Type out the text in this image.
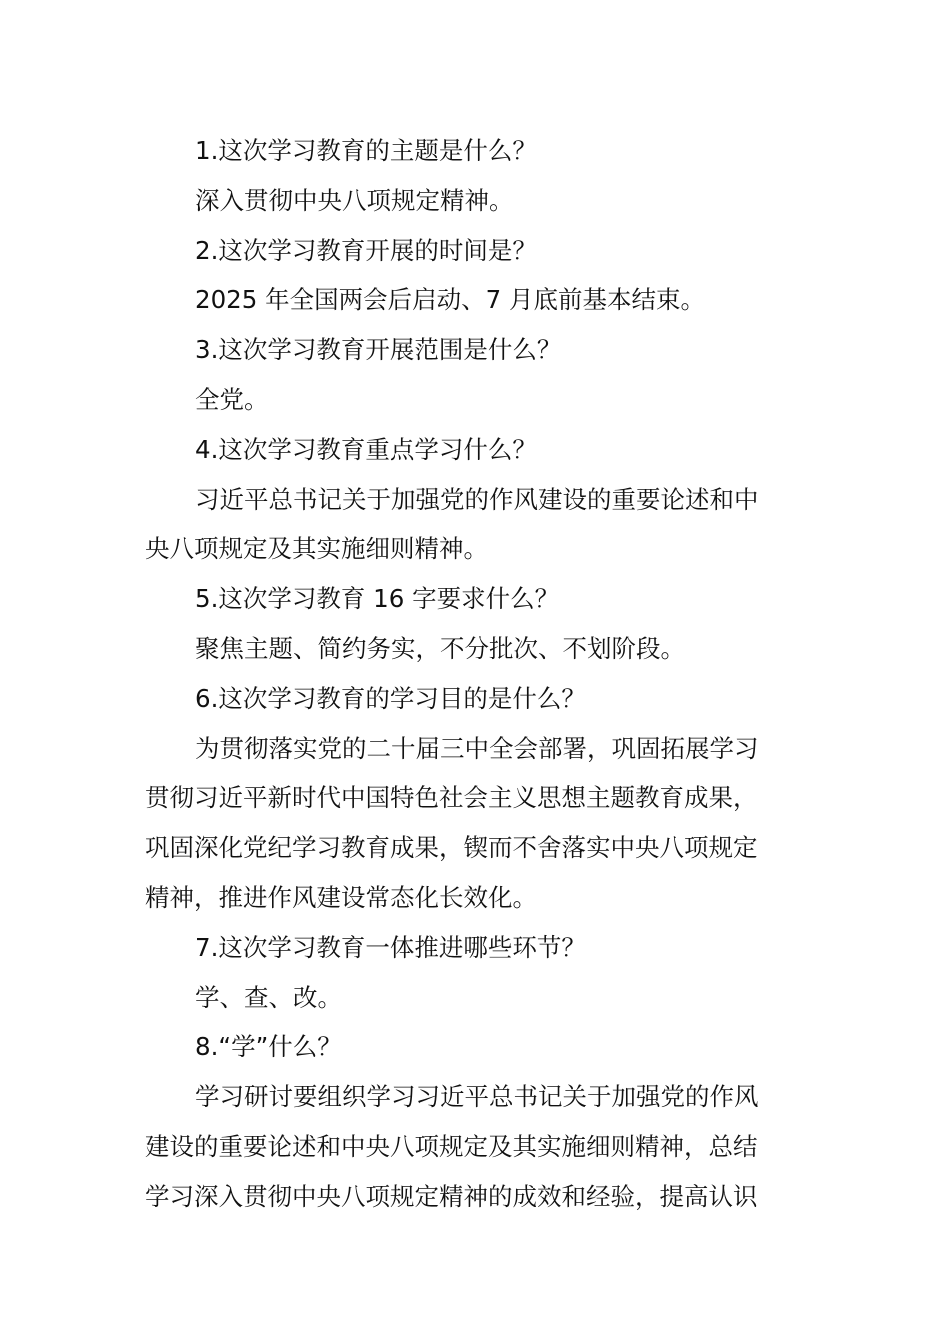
1.这次学习教育的主题是什么？

深入贯彻中央八项规定精神。

2.这次学习教育开展的时间是？

2025 年全国两会后启动、7 月底前基本结束。

3.这次学习教育开展范围是什么？

全党。

4.这次学习教育重点学习什么？

习近平总书记关于加强党的作风建设的重要论述和中
央八项规定及其实施细则精神。

5.这次学习教育 16 字要求什么？

聚焦主题、简约务实，不分批次、不划阶段。

6.这次学习教育的学习目的是什么？

为贯彻落实党的二十届三中全会部署，巩固拓展学习
贯彻习近平新时代中国特色社会主义思想主题教育成果，
巩固深化党纪学习教育成果，锲而不舍落实中央八项规定
精神，推进作风建设常态化长效化。

7.这次学习教育一体推进哪些环节？

学、查、改。

8.“学”什么？

学习研讨要组织学习习近平总书记关于加强党的作风
建设的重要论述和中央八项规定及其实施细则精神，总结
学习深入贯彻中央八项规定精神的成效和经验，提高认识
